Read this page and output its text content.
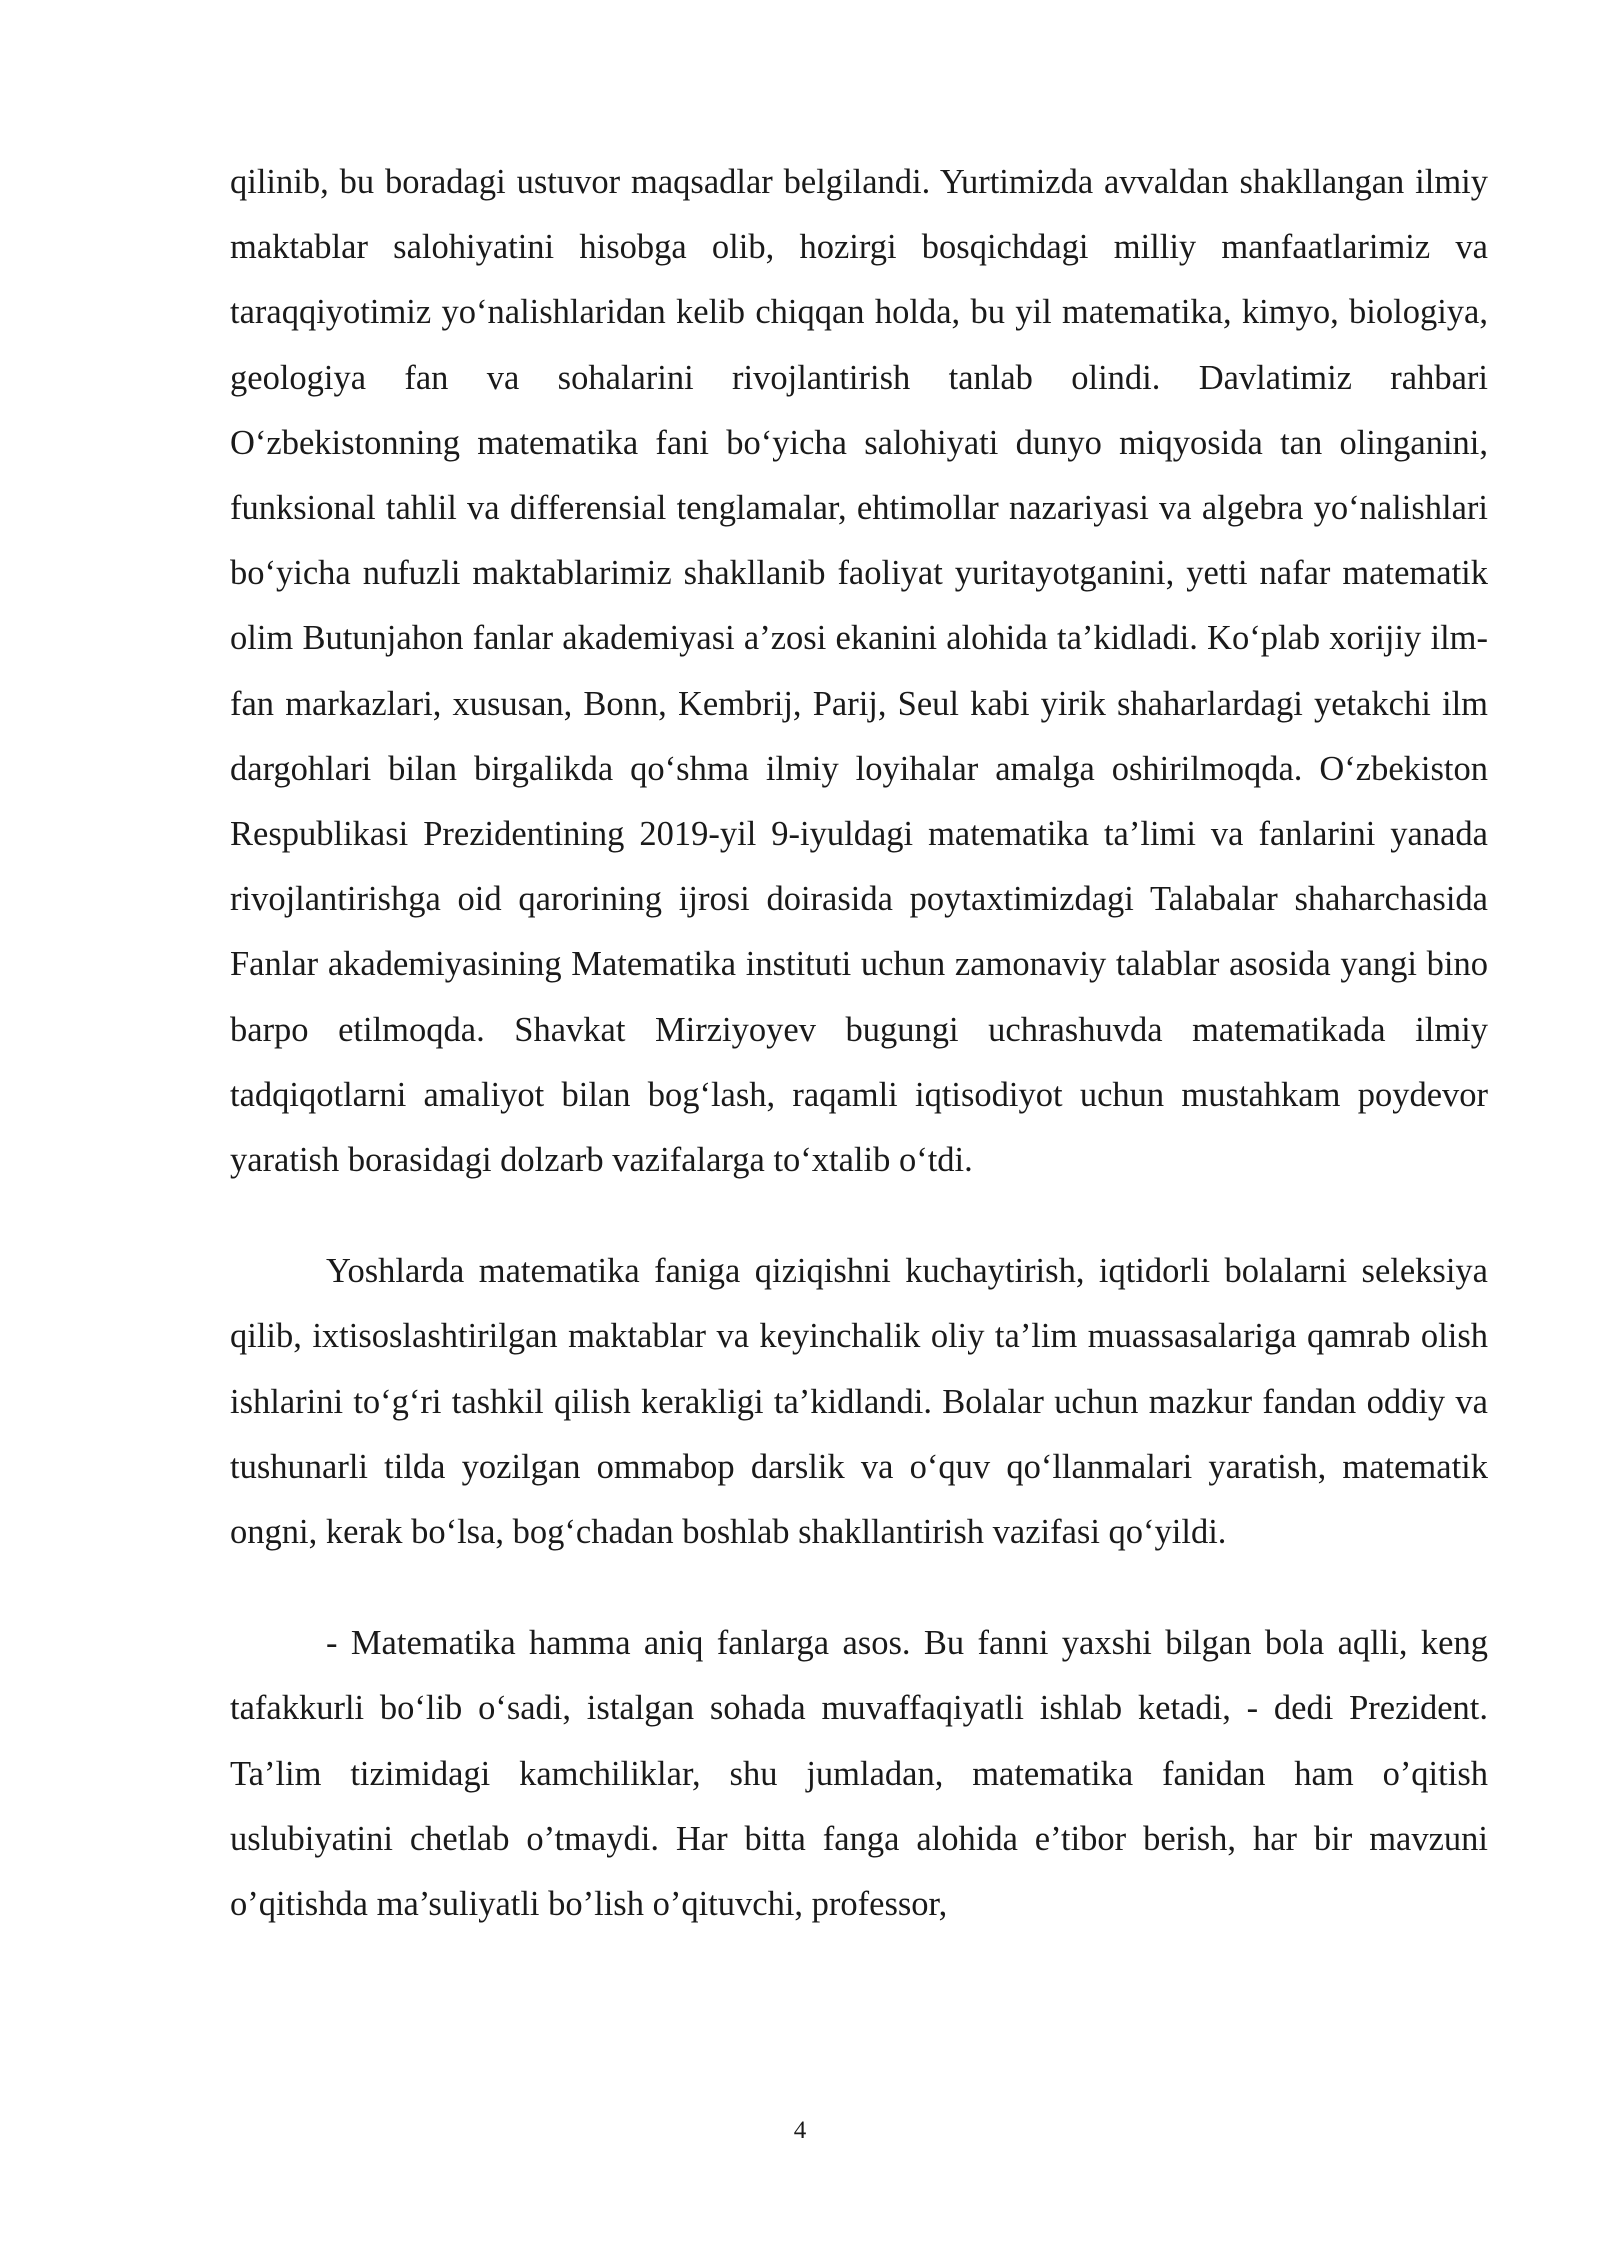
qilinib, bu boradagi ustuvor maqsadlar belgilandi. Yurtimizda avvaldan shakllangan ilmiy maktablar salohiyatini hisobga olib, hozirgi bosqichdagi milliy manfaatlarimiz va taraqqiyotimiz yo‘nalishlaridan kelib chiqqan holda, bu yil matematika, kimyo, biologiya, geologiya fan va sohalarini rivojlantirish tanlab olindi. Davlatimiz rahbari O‘zbekistonning matematika fani bo‘yicha salohiyati dunyo miqyosida tan olinganini, funksional tahlil va differensial tenglamalar, ehtimollar nazariyasi va algebra yo‘nalishlari bo‘yicha nufuzli maktablarimiz shakllanib faoliyat yuritayotganini, yetti nafar matematik olim Butunjahon fanlar akademiyasi a’zosi ekanini alohida ta’kidladi. Ko‘plab xorijiy ilm-fan markazlari, xususan, Bonn, Kembrij, Parij, Seul kabi yirik shaharlardagi yetakchi ilm dargohlari bilan birgalikda qo‘shma ilmiy loyihalar amalga oshirilmoqda. O‘zbekiston Respublikasi Prezidentining 2019-yil 9-iyuldagi matematika ta’limi va fanlarini yanada rivojlantirishga oid qarorining ijrosi doirasida poytaxtimizdagi Talabalar shaharchasida Fanlar akademiyasining Matematika instituti uchun zamonaviy talablar asosida yangi bino barpo etilmoqda. Shavkat Mirziyoyev bugungi uchrashuvda matematikada ilmiy tadqiqotlarni amaliyot bilan bog‘lash, raqamli iqtisodiyot uchun mustahkam poydevor yaratish borasidagi dolzarb vazifalarga to‘xtalib o‘tdi.

Yoshlarda matematika faniga qiziqishni kuchaytirish, iqtidorli bolalarni seleksiya qilib, ixtisoslashtirilgan maktablar va keyinchalik oliy ta’lim muassasalariga qamrab olish ishlarini to‘g‘ri tashkil qilish kerakligi ta’kidlandi. Bolalar uchun mazkur fandan oddiy va tushunarli tilda yozilgan ommabop darslik va o‘quv qo‘llanmalari yaratish, matematik ongni, kerak bo‘lsa, bog‘chadan boshlab shakllantirish vazifasi qo‘yildi.

- Matematika hamma aniq fanlarga asos. Bu fanni yaxshi bilgan bola aqlli, keng tafakkurli bo‘lib o‘sadi, istalgan sohada muvaffaqiyatli ishlab ketadi, - dedi Prezident. Ta’lim tizimidagi kamchiliklar, shu jumladan, matematika fanidan ham o’qitish uslubiyatini chetlab o’tmaydi. Har bitta fanga alohida e’tibor berish, har bir mavzuni o’qitishda ma’suliyatli bo’lish o’qituvchi, professor,

4
